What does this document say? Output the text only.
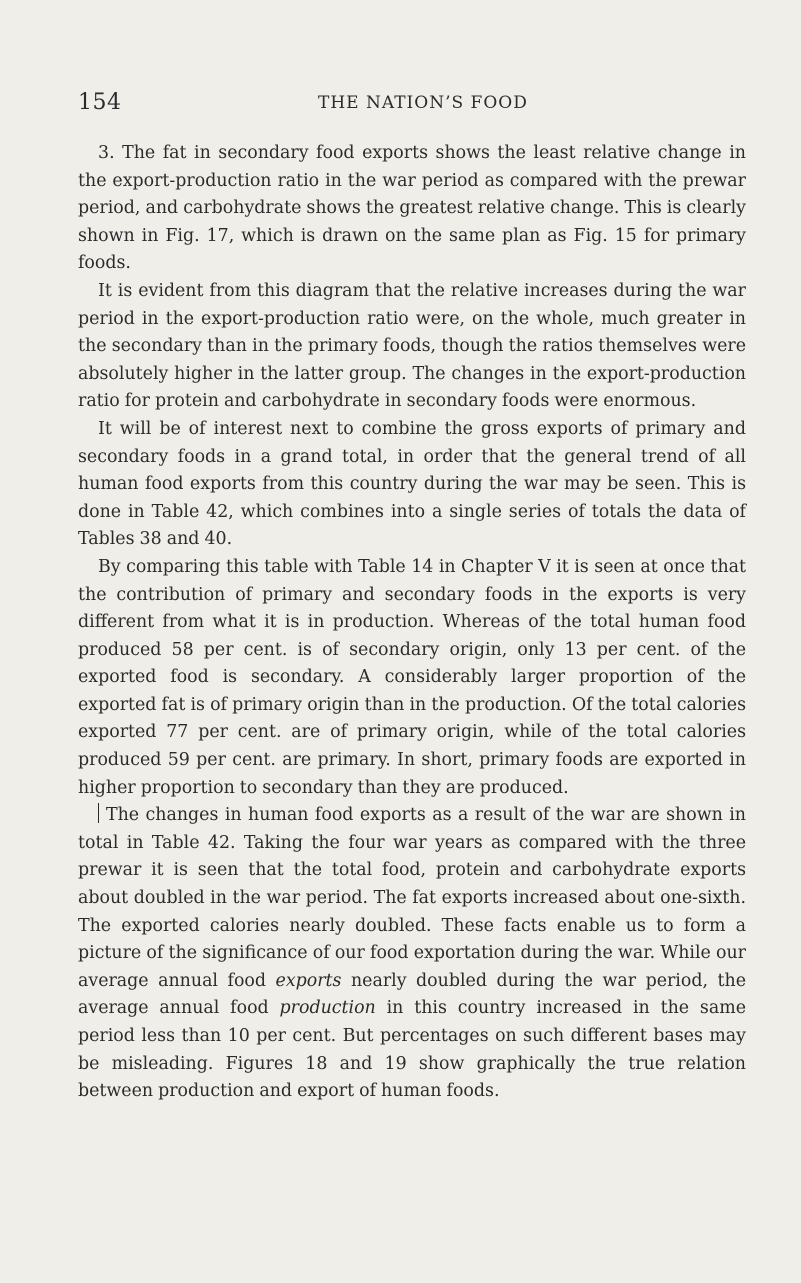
154	THE NATION’S FOOD

3. The fat in secondary food exports shows the least relative change in the export-production ratio in the war period as compared with the prewar period, and carbohydrate shows the greatest relative change. This is clearly shown in Fig. 17, which is drawn on the same plan as Fig. 15 for primary foods.

It is evident from this diagram that the relative increases during the war period in the export-production ratio were, on the whole, much greater in the secondary than in the primary foods, though the ratios themselves were absolutely higher in the latter group. The changes in the export-production ratio for protein and carbohydrate in secondary foods were enormous.

It will be of interest next to combine the gross exports of primary and secondary foods in a grand total, in order that the general trend of all human food exports from this country during the war may be seen. This is done in Table 42, which combines into a single series of totals the data of Tables 38 and 40.

By comparing this table with Table 14 in Chapter V it is seen at once that the contribution of primary and secondary foods in the exports is very different from what it is in production. Whereas of the total human food produced 58 per cent. is of secondary origin, only 13 per cent. of the exported food is secondary. A considerably larger proportion of the exported fat is of primary origin than in the production. Of the total calories exported 77 per cent. are of primary origin, while of the total calories produced 59 per cent. are primary. In short, primary foods are exported in higher proportion to secondary than they are produced.

The changes in human food exports as a result of the war are shown in total in Table 42. Taking the four war years as compared with the three prewar it is seen that the total food, protein and carbohydrate exports about doubled in the war period. The fat exports increased about one-sixth. The exported calories nearly doubled. These facts enable us to form a picture of the significance of our food exportation during the war. While our average annual food exports nearly doubled during the war period, the average annual food production in this country increased in the same period less than 10 per cent. But percentages on such different bases may be misleading. Figures 18 and 19 show graphically the true relation between production and export of human foods.
